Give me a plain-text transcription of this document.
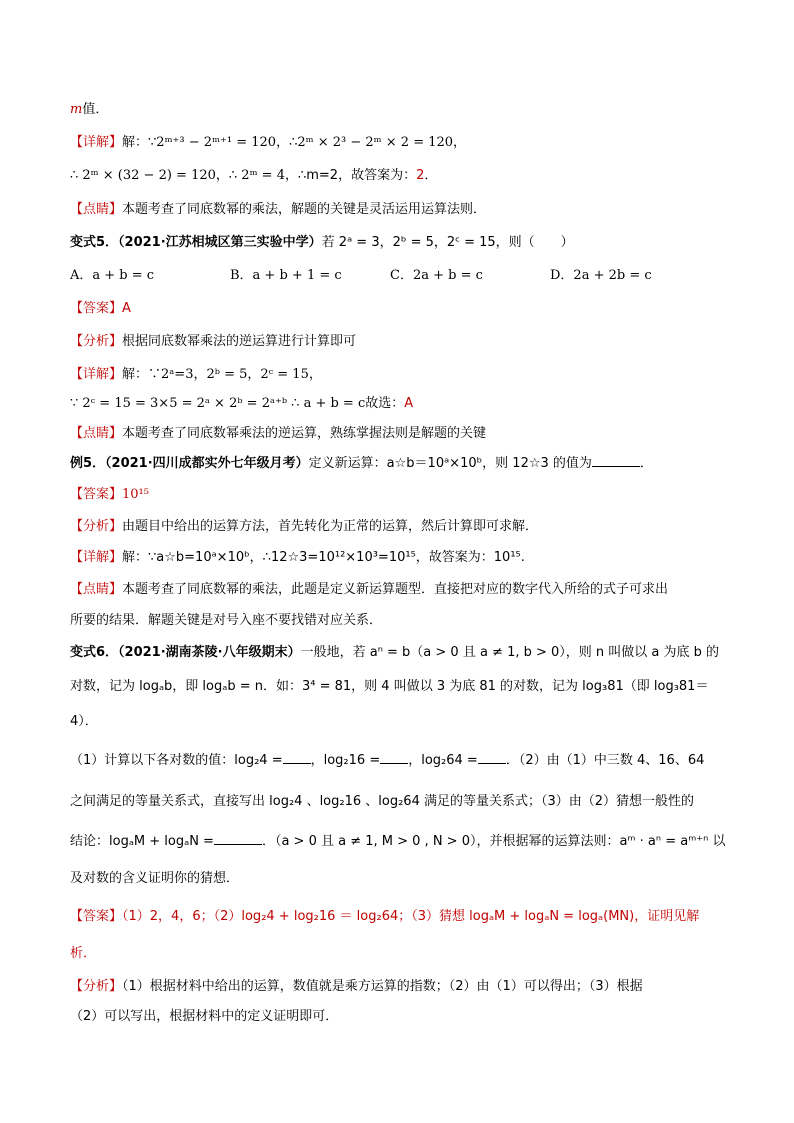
m值．
【详解】解：∵2ᵐ⁺³ − 2ᵐ⁺¹ = 120，∴2ᵐ × 2³ − 2ᵐ × 2 = 120，
∴ 2ᵐ × (32 − 2) = 120，∴ 2ᵐ = 4，∴m=2，故答案为：2．
【点睛】本题考查了同底数幂的乘法，解题的关键是灵活运用运算法则．
变式5．（2021·江苏相城区第三实验中学）若 2ᵃ = 3，2ᵇ = 5，2ᶜ = 15，则（　　）
A．a + b = c	B．a + b + 1 = c	C．2a + b = c	D．2a + 2b = c
【答案】A
【分析】根据同底数幂乘法的逆运算进行计算即可
【详解】解：∵2ᵃ=3，2ᵇ = 5，2ᶜ = 15，
∵ 2ᶜ = 15 = 3×5 = 2ᵃ × 2ᵇ = 2ᵃ⁺ᵇ ∴ a + b = c故选：A
【点睛】本题考查了同底数幂乘法的逆运算，熟练掌握法则是解题的关键
例5．（2021·四川成都实外七年级月考）定义新运算：a☆b＝10ᵃ×10ᵇ，则 12☆3 的值为	．
【答案】10¹⁵
【分析】由题目中给出的运算方法，首先转化为正常的运算，然后计算即可求解．
【详解】解：∵a☆b=10ᵃ×10ᵇ，∴12☆3=10¹²×10³=10¹⁵，故答案为：10¹⁵.
【点睛】本题考查了同底数幂的乘法，此题是定义新运算题型．直接把对应的数字代入所给的式子可求出
所要的结果．解题关键是对号入座不要找错对应关系．
变式6．（2021·湖南茶陵·八年级期末）一般地，若 aⁿ = b（a > 0 且 a ≠ 1, b > 0），则 n 叫做以 a 为底 b 的
对数，记为 logₐb，即 logₐb = n．如：3⁴ = 81，则 4 叫做以 3 为底 81 的对数，记为 log₃81（即 log₃81＝
4）．
（1）计算以下各对数的值：log₂4 = ，log₂16 = ，log₂64 = ．（2）由（1）中三数 4、16、64
之间满足的等量关系式，直接写出 log₂4 、log₂16 、log₂64 满足的等量关系式；（3）由（2）猜想一般性的
结论：logₐM + logₐN =	．（a > 0 且 a ≠ 1, M > 0 , N > 0），并根据幂的运算法则：aᵐ · aⁿ = aᵐ⁺ⁿ 以
及对数的含义证明你的猜想．
【答案】（1）2，4，6；（2）log₂4 + log₂16 ＝ log₂64；（3）猜想 logₐM + logₐN = logₐ(MN)，证明见解
析．
【分析】（1）根据材料中给出的运算，数值就是乘方运算的指数；（2）由（1）可以得出；（3）根据
（2）可以写出，根据材料中的定义证明即可．
